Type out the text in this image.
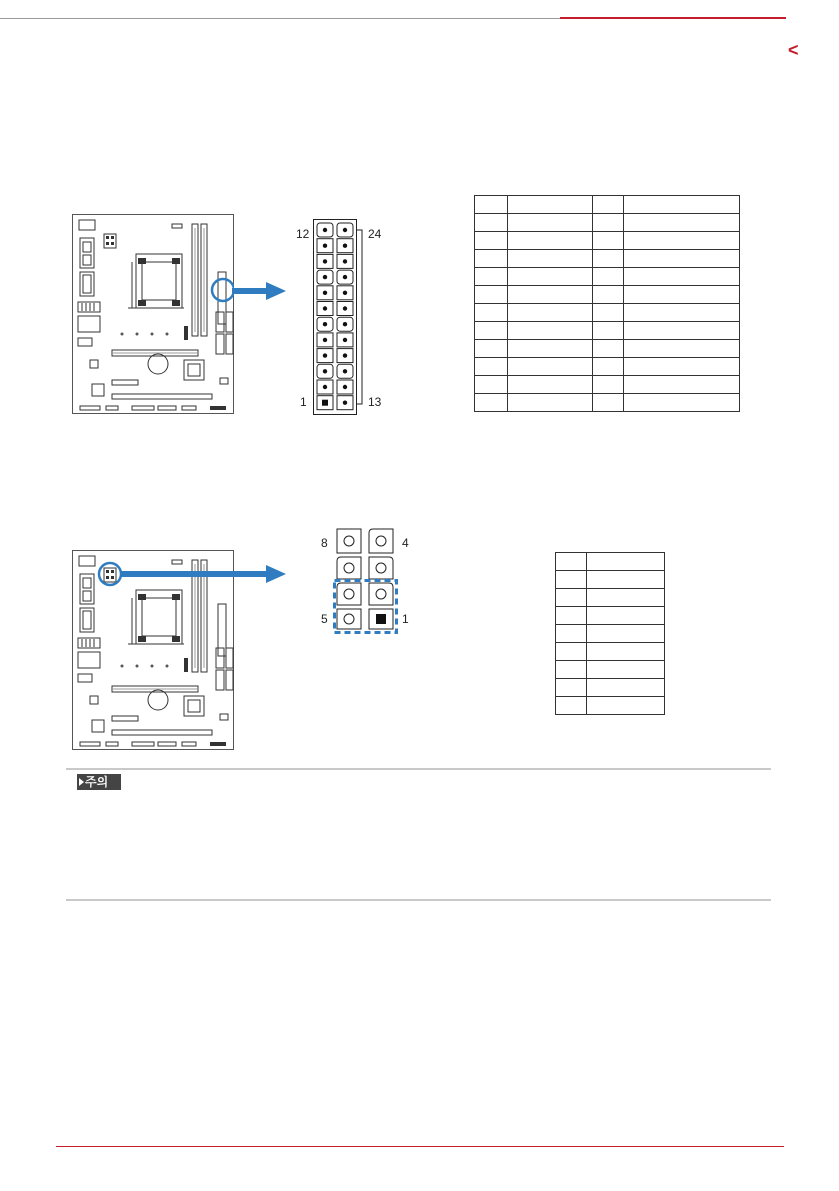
<
12	24
1	13

8	4
5	1

주의
